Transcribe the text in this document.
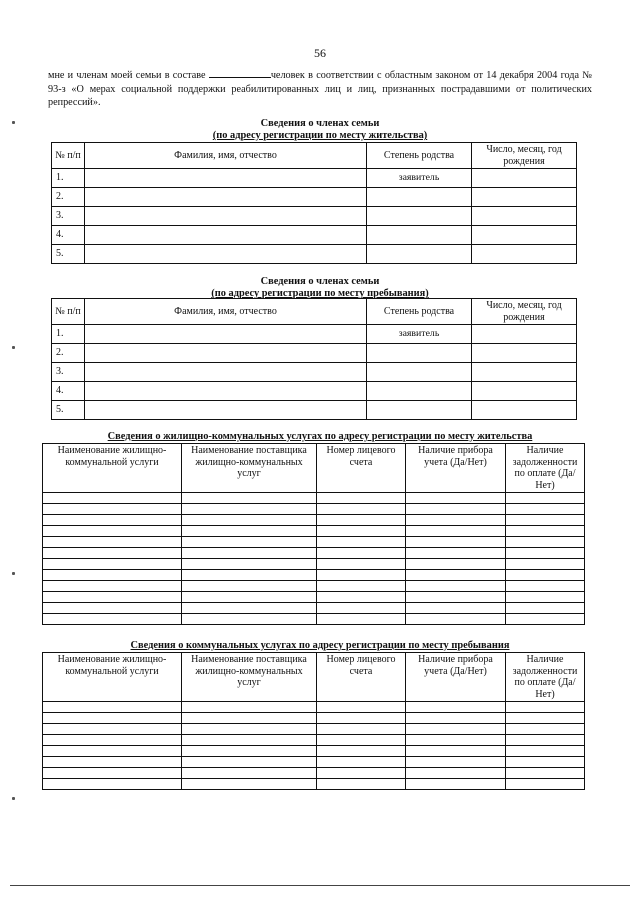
56
мне и членам моей семьи в составе	человек в соответствии с областным законом от 14 декабря 2004 года № 93-з «О мерах социальной поддержки реабилитированных лиц и лиц, признанных пострадавшими от политических репрессий».
Сведения о членах семьи
(по адресу регистрации по месту жительства)
№ п/п	Фамилия, имя, отчество	Степень родства	Число, месяц, год рождения
1.		заявитель	
2.			
3.			
4.			
5.			
Сведения о членах семьи
(по адресу регистрации по месту пребывания)
№ п/п	Фамилия, имя, отчество	Степень родства	Число, месяц, год рождения
1.		заявитель	
2.			
3.			
4.			
5.			
Сведения о жилищно-коммунальных услугах по адресу регистрации по месту жительства
Наименование жилищно-коммунальной услуги	Наименование поставщика жилищно-коммунальных услуг	Номер лицевого счета	Наличие прибора учета (Да/Нет)	Наличие задолженности по оплате (Да/Нет)

Сведения о коммунальных услугах по адресу регистрации по месту пребывания
Наименование жилищно-коммунальной услуги	Наименование поставщика жилищно-коммунальных услуг	Номер лицевого счета	Наличие прибора учета (Да/Нет)	Наличие задолженности по оплате (Да/Нет)
